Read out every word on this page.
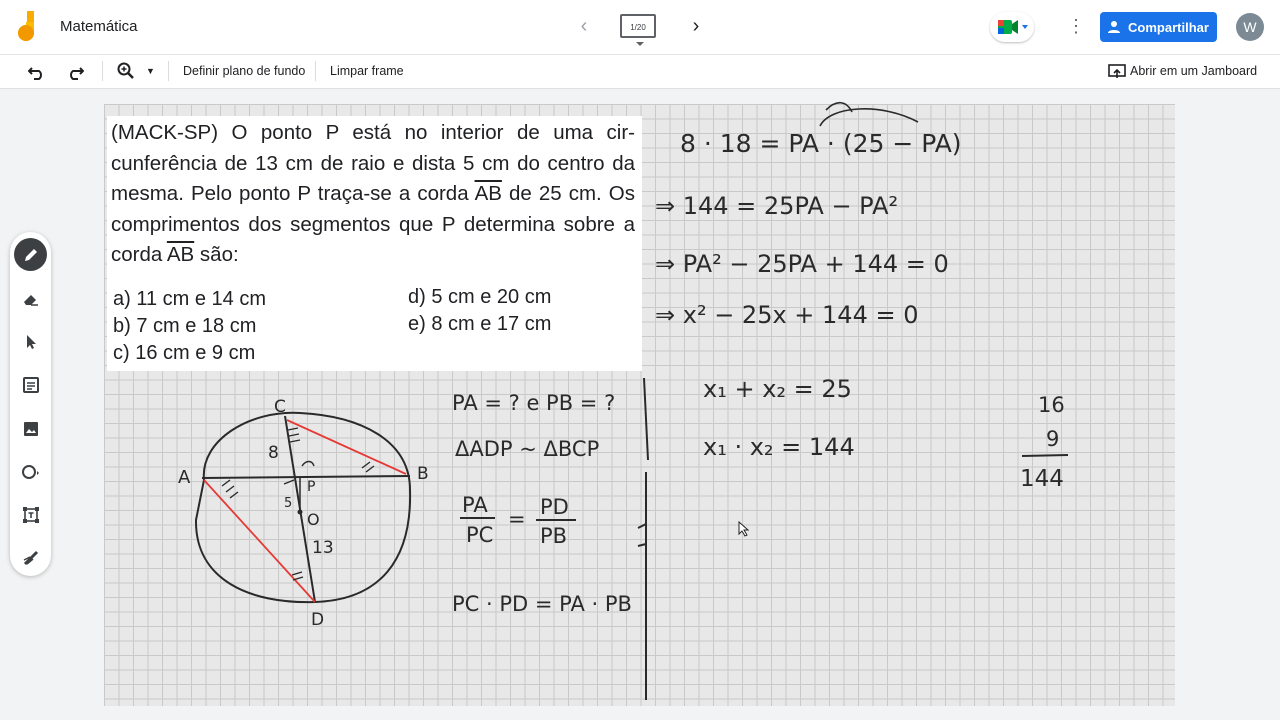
Matemática	‹	1/20	›	⋮	Compartilhar	W
▼ Definir plano de fundo Limpar frame	Abrir em um Jamboard
(MACK-SP) O ponto P está no interior de uma circunferência de 13 cm de raio e dista 5 cm do centro da mesma. Pelo ponto P traça-se a corda $\overline{AB}$ de 25 cm. Os comprimentos dos segmentos que P determina sobre a corda $\overline{AB}$ são:
a) 11 cm e 14 cm
b) 7 cm e 18 cm
c) 16 cm e 9 cm
d) 5 cm e 20 cm
e) 8 cm e 17 cm
C
A	B
D
P
O
8
5
13
PA = ? e PB = ?
ΔADP ~ ΔBCP
PA
PC
= PD
PB
PC · PD = PA · PB
8 · 18 = PA · (25 − PA)
⇒ 144 = 25PA − PA²
⇒ PA² − 25PA + 144 = 0
⇒ x² − 25x + 144 = 0
x₁ + x₂ = 25
x₁ · x₂ = 144
16
9
144
